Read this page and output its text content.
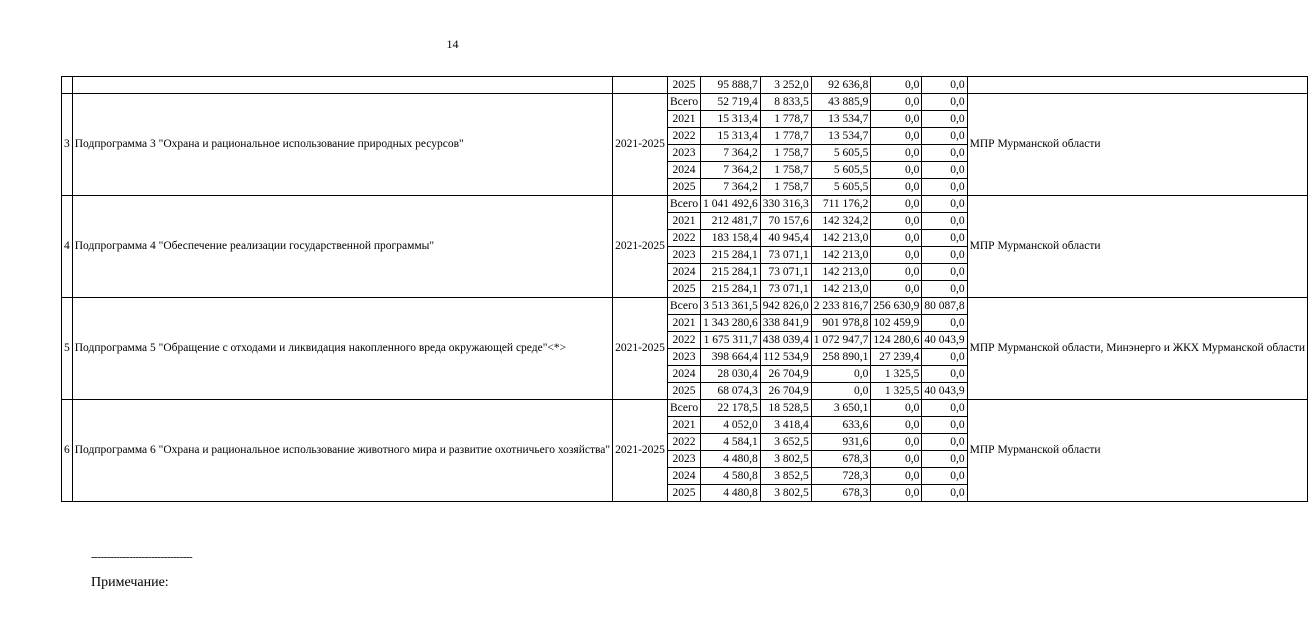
14
			2025	95 888,7	3 252,0	92 636,8	0,0	0,0	
3	Подпрограмма 3 "Охрана и рациональное использование природных ресурсов"	2021-2025	Всего	52 719,4	8 833,5	43 885,9	0,0	0,0	МПР Мурманской области
			2021	15 313,4	1 778,7	13 534,7	0,0	0,0	
			2022	15 313,4	1 778,7	13 534,7	0,0	0,0	
			2023	7 364,2	1 758,7	5 605,5	0,0	0,0	
			2024	7 364,2	1 758,7	5 605,5	0,0	0,0	
			2025	7 364,2	1 758,7	5 605,5	0,0	0,0	
4	Подпрограмма 4 "Обеспечение реализации государственной программы"	2021-2025	Всего	1 041 492,6	330 316,3	711 176,2	0,0	0,0	МПР Мурманской области
			2021	212 481,7	70 157,6	142 324,2	0,0	0,0	
			2022	183 158,4	40 945,4	142 213,0	0,0	0,0	
			2023	215 284,1	73 071,1	142 213,0	0,0	0,0	
			2024	215 284,1	73 071,1	142 213,0	0,0	0,0	
			2025	215 284,1	73 071,1	142 213,0	0,0	0,0	
5	Подпрограмма 5 "Обращение с отходами и ликвидация накопленного вреда окружающей среде"<*>	2021-2025	Всего	3 513 361,5	942 826,0	2 233 816,7	256 630,9	80 087,8	МПР Мурманской области, Минэнерго и ЖКХ Мурманской области
			2021	1 343 280,6	338 841,9	901 978,8	102 459,9	0,0	
			2022	1 675 311,7	438 039,4	1 072 947,7	124 280,6	40 043,9	
			2023	398 664,4	112 534,9	258 890,1	27 239,4	0,0	
			2024	28 030,4	26 704,9	0,0	1 325,5	0,0	
			2025	68 074,3	26 704,9	0,0	1 325,5	40 043,9	
6	Подпрограмма 6 "Охрана и рациональное использование животного мира и развитие охотничьего хозяйства"	2021-2025	Всего	22 178,5	18 528,5	3 650,1	0,0	0,0	МПР Мурманской области
			2021	4 052,0	3 418,4	633,6	0,0	0,0	
			2022	4 584,1	3 652,5	931,6	0,0	0,0	
			2023	4 480,8	3 802,5	678,3	0,0	0,0	
			2024	4 580,8	3 852,5	728,3	0,0	0,0	
			2025	4 480,8	3 802,5	678,3	0,0	0,0	
--------------------------------
Примечание:
